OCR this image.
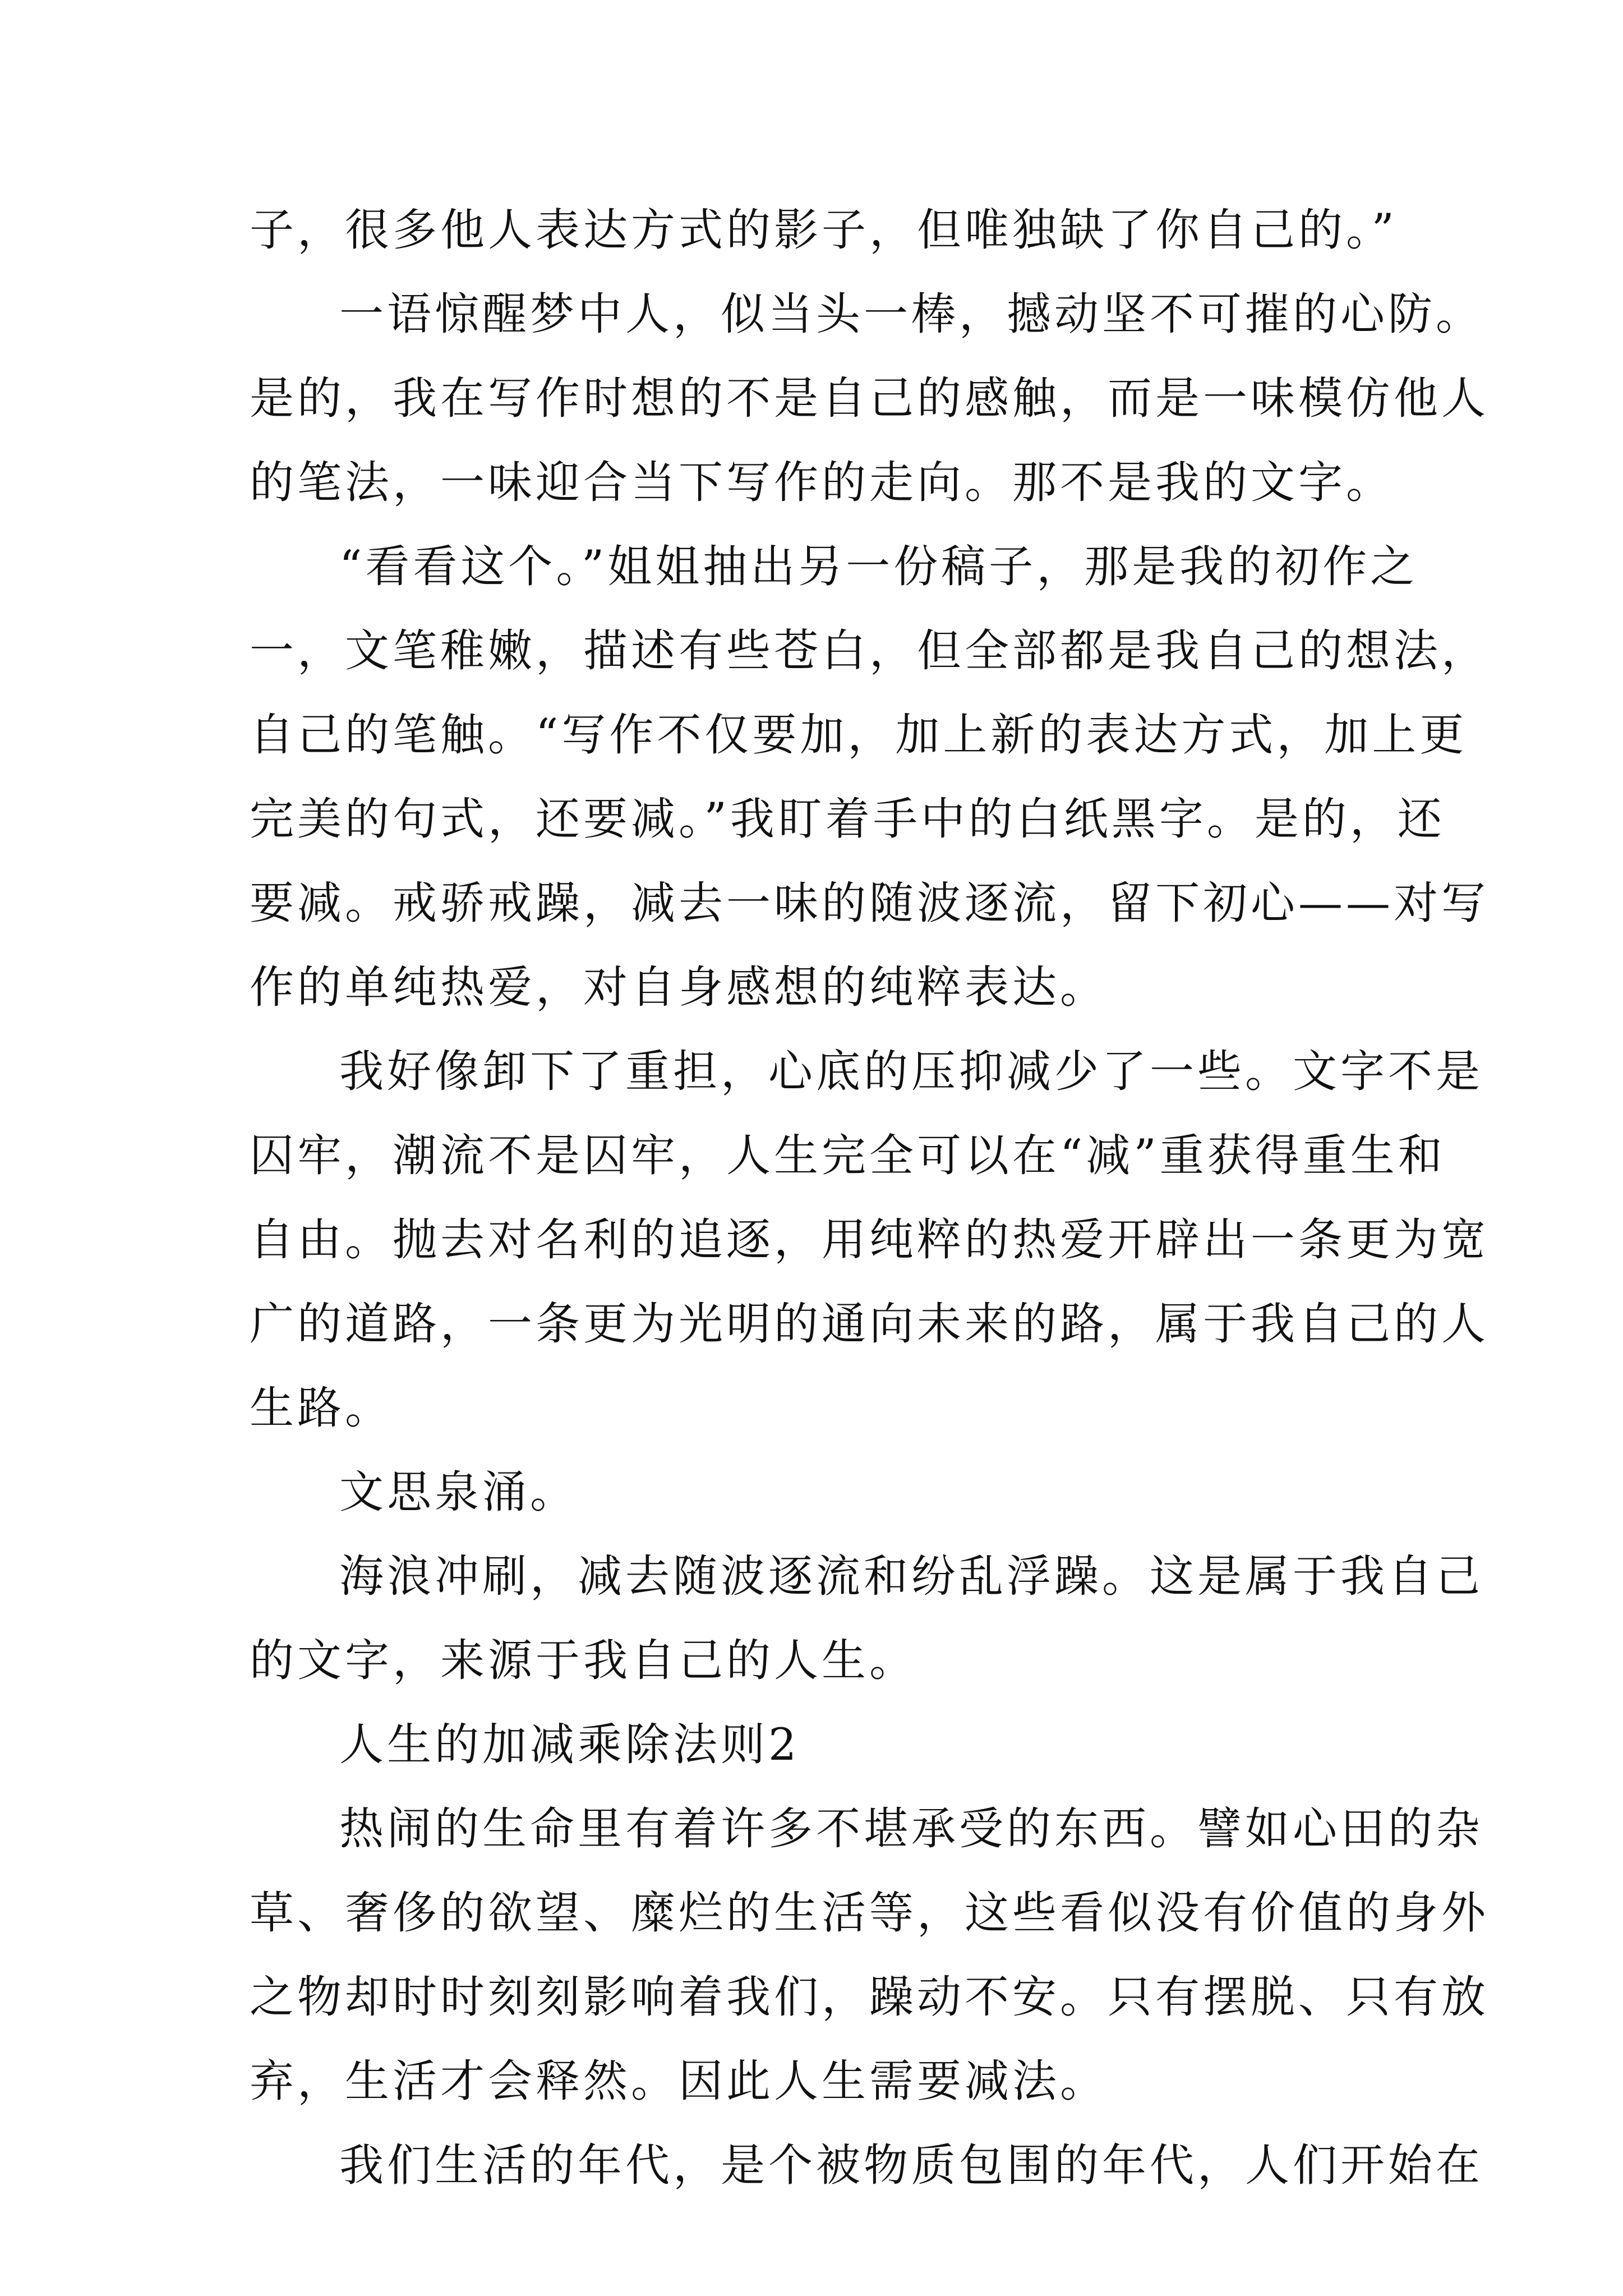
子，很多他人表达方式的影子，但唯独缺了你自己的。”
一语惊醒梦中人，似当头一棒，撼动坚不可摧的心防。
是的，我在写作时想的不是自己的感触，而是一味模仿他人
的笔法，一味迎合当下写作的走向。那不是我的文字。
“看看这个。”姐姐抽出另一份稿子，那是我的初作之
一，文笔稚嫩，描述有些苍白，但全部都是我自己的想法，
自己的笔触。“写作不仅要加，加上新的表达方式，加上更
完美的句式，还要减。”我盯着手中的白纸黑字。是的，还
要减。戒骄戒躁，减去一味的随波逐流，留下初心——对写
作的单纯热爱，对自身感想的纯粹表达。
我好像卸下了重担，心底的压抑减少了一些。文字不是
囚牢，潮流不是囚牢，人生完全可以在“减”重获得重生和
自由。抛去对名利的追逐，用纯粹的热爱开辟出一条更为宽
广的道路，一条更为光明的通向未来的路，属于我自己的人
生路。
文思泉涌。
海浪冲刷，减去随波逐流和纷乱浮躁。这是属于我自己
的文字，来源于我自己的人生。
人生的加减乘除法则2
热闹的生命里有着许多不堪承受的东西。譬如心田的杂
草、奢侈的欲望、糜烂的生活等，这些看似没有价值的身外
之物却时时刻刻影响着我们，躁动不安。只有摆脱、只有放
弃，生活才会释然。因此人生需要减法。
我们生活的年代，是个被物质包围的年代，人们开始在
